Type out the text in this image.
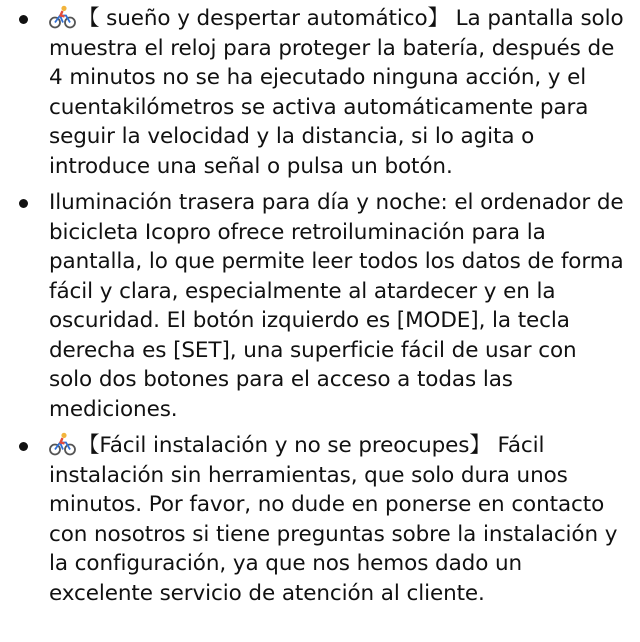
【 sueño y despertar automático】 La pantalla solo muestra el reloj para proteger la batería, después de 4 minutos no se ha ejecutado ninguna acción, y el cuentakilómetros se activa automáticamente para seguir la velocidad y la distancia, si lo agita o introduce una señal o pulsa un botón.
Iluminación trasera para día y noche: el ordenador de bicicleta Icopro ofrece retroiluminación para la pantalla, lo que permite leer todos los datos de forma fácil y clara, especialmente al atardecer y en la oscuridad. El botón izquierdo es [MODE], la tecla derecha es [SET], una superficie fácil de usar con solo dos botones para el acceso a todas las mediciones.
【Fácil instalación y no se preocupes】 Fácil instalación sin herramientas, que solo dura unos minutos. Por favor, no dude en ponerse en contacto con nosotros si tiene preguntas sobre la instalación y la configuración, ya que nos hemos dado un excelente servicio de atención al cliente.
